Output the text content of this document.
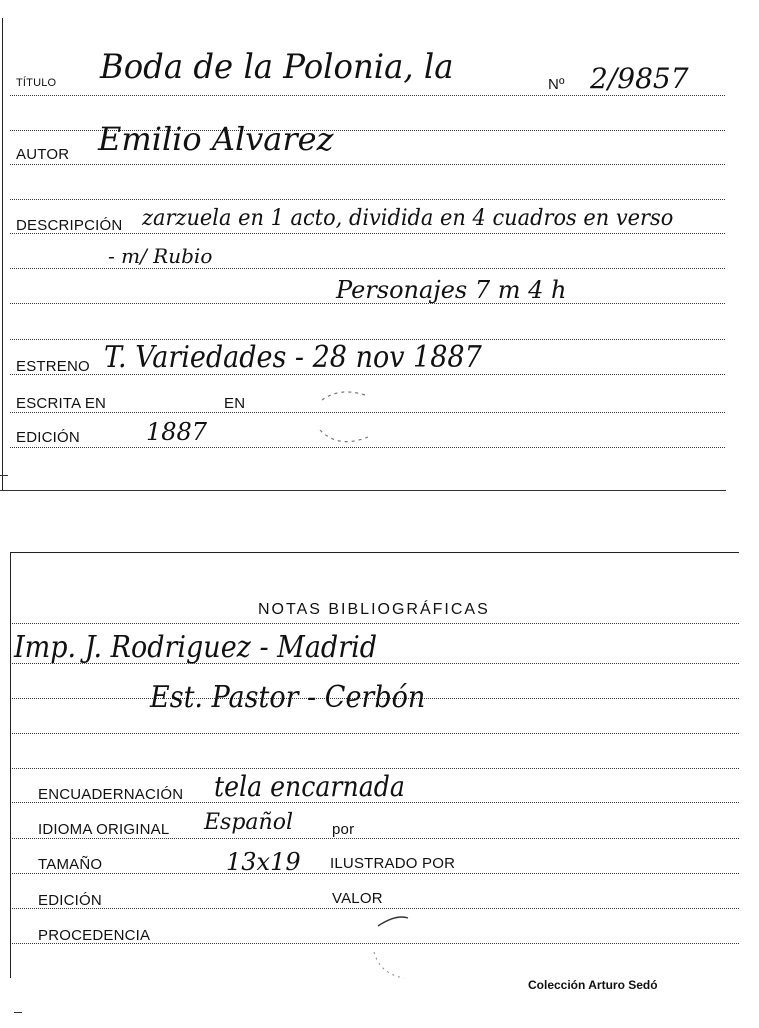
TÍTULO Boda de la Polonia, la	Nº 2/9857
AUTOR Emilio Alvarez
DESCRIPCIÓN zarzuela en 1 acto, dividida en 4 cuadros en verso
- m/ Rubio
Personajes 7 m 4 h
ESTRENO T. Variedades - 28 nov 1887
ESCRITA EN	EN
EDICIÓN	1887
NOTAS BIBLIOGRÁFICAS
Imp. J. Rodriguez - Madrid
Est. Pastor - Cerbón
ENCUADERNACIÓN tela encarnada
IDIOMA ORIGINAL Español	por
TAMAÑO	13x19 ILUSTRADO POR
EDICIÓN	VALOR
PROCEDENCIA
Colección Arturo Sedó
